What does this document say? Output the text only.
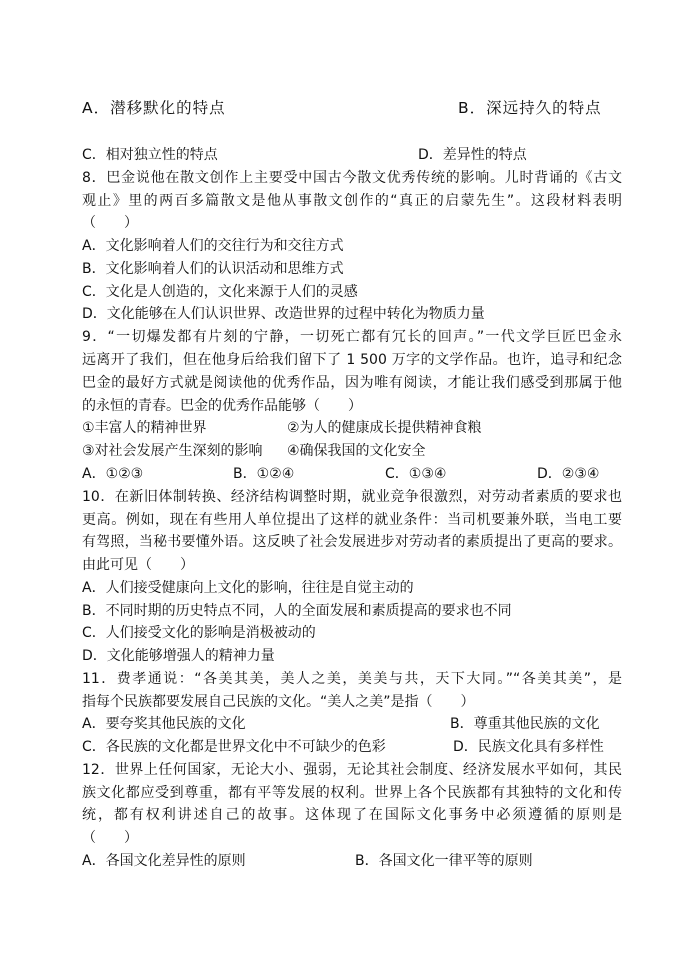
A．潜移默化的特点	B．深远持久的特点
C．相对独立性的特点	D．差异性的特点
8．巴金说他在散文创作上主要受中国古今散文优秀传统的影响。儿时背诵的《古文
观止》里的两百多篇散文是他从事散文创作的“真正的启蒙先生”。这段材料表明
（　　）
A．文化影响着人们的交往行为和交往方式
B．文化影响着人们的认识活动和思维方式
C．文化是人创造的，文化来源于人们的灵感
D．文化能够在人们认识世界、改造世界的过程中转化为物质力量
9．“一切爆发都有片刻的宁静，一切死亡都有冗长的回声。”一代文学巨匠巴金永
远离开了我们，但在他身后给我们留下了 1 500 万字的文学作品。也许，追寻和纪念
巴金的最好方式就是阅读他的优秀作品，因为唯有阅读，才能让我们感受到那属于他
的永恒的青春。巴金的优秀作品能够（　　）
①丰富人的精神世界	②为人的健康成长提供精神食粮
③对社会发展产生深刻的影响	④确保我国的文化安全
A．①②③	B．①②④	C．①③④	D．②③④
10．在新旧体制转换、经济结构调整时期，就业竞争很激烈，对劳动者素质的要求也
更高。例如，现在有些用人单位提出了这样的就业条件：当司机要兼外联，当电工要
有驾照，当秘书要懂外语。这反映了社会发展进步对劳动者的素质提出了更高的要求。
由此可见（　　）
A．人们接受健康向上文化的影响，往往是自觉主动的
B．不同时期的历史特点不同，人的全面发展和素质提高的要求也不同
C．人们接受文化的影响是消极被动的
D．文化能够增强人的精神力量
11．费孝通说：“各美其美，美人之美，美美与共，天下大同。”“各美其美”，是
指每个民族都要发展自己民族的文化。“美人之美”是指（　　）
A．要夸奖其他民族的文化	B．尊重其他民族的文化
C．各民族的文化都是世界文化中不可缺少的色彩	D．民族文化具有多样性
12．世界上任何国家，无论大小、强弱，无论其社会制度、经济发展水平如何，其民
族文化都应受到尊重，都有平等发展的权利。世界上各个民族都有其独特的文化和传
统，都有权利讲述自己的故事。这体现了在国际文化事务中必须遵循的原则是
（　　）
A．各国文化差异性的原则	B．各国文化一律平等的原则
